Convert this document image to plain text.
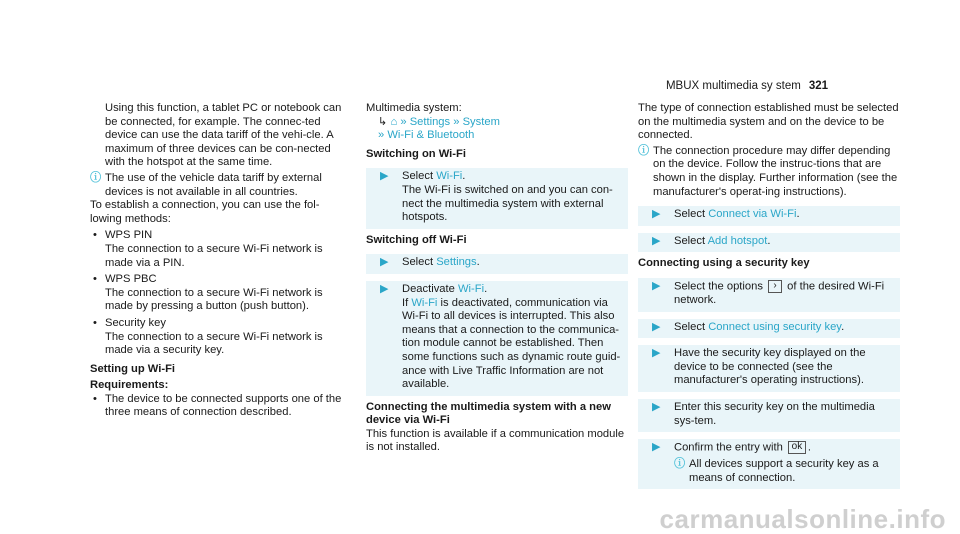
MBUX multimedia sy stem 321

Using this function, a tablet PC or notebook can be connected, for example. The connec-ted device can use the data tariff of the vehi-cle. A maximum of three devices can be con-nected with the hotspot at the same time.

ⓘ The use of the vehicle data tariff by external devices is not available in all countries.

To establish a connection, you can use the fol-lowing methods:

• WPS PIN
The connection to a secure Wi-Fi network is made via a PIN.
• WPS PBC
The connection to a secure Wi-Fi network is made by pressing a button (push button).
• Security key
The connection to a secure Wi-Fi network is made via a security key.

Setting up Wi-Fi

Requirements:

• The device to be connected supports one of the three means of connection described.

Multimedia system:

↳ ⌂ » Settings » System
» Wi-Fi & Bluetooth

Switching on Wi-Fi

▶ Select Wi-Fi.
The Wi-Fi is switched on and you can con-nect the multimedia system with external hotspots.

Switching off Wi-Fi

▶ Select Settings.
▶ Deactivate Wi-Fi.
If Wi-Fi is deactivated, communication via Wi-Fi to all devices is interrupted. This also means that a connection to the communica-tion module cannot be established. Then some functions such as dynamic route guid-ance with Live Traffic Information are not available.

Connecting the multimedia system with a new device via Wi-Fi

This function is available if a communication module is not installed.

The type of connection established must be selected on the multimedia system and on the device to be connected.

ⓘ The connection procedure may differ depending on the device. Follow the instruc-tions that are shown in the display. Further information (see the manufacturer's operat-ing instructions).
▶ Select Connect via Wi-Fi.
▶ Select Add hotspot.

Connecting using a security key

▶ Select the options › of the desired Wi-Fi network.
▶ Select Connect using security key.
▶ Have the security key displayed on the device to be connected (see the manufacturer's operating instructions).
▶ Enter this security key on the multimedia sys-tem.
▶ Confirm the entry with ok .
ⓘ All devices support a security key as a means of connection.
carmanualsonline.info
